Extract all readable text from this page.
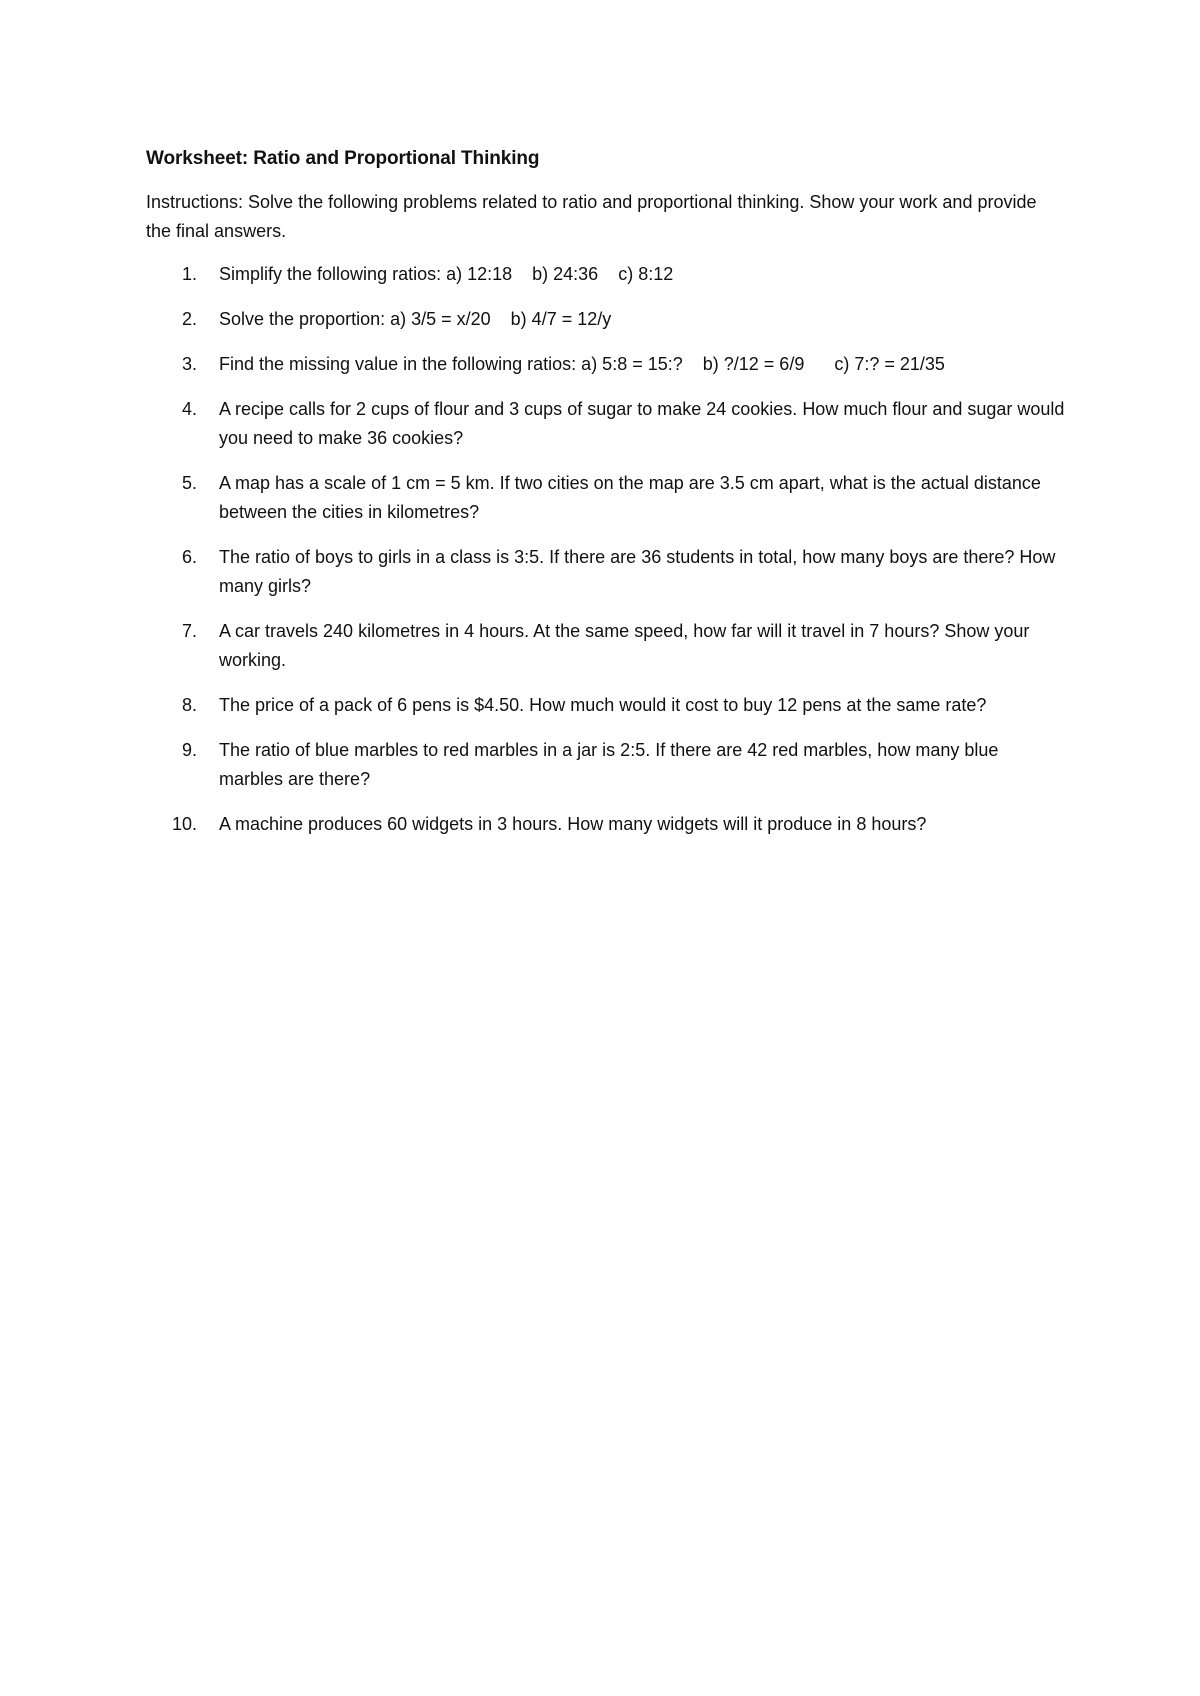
Worksheet: Ratio and Proportional Thinking

Instructions: Solve the following problems related to ratio and proportional thinking. Show your work and provide the final answers.

1. Simplify the following ratios: a) 12:18    b) 24:36    c) 8:12
2. Solve the proportion: a) 3/5 = x/20    b) 4/7 = 12/y
3. Find the missing value in the following ratios: a) 5:8 = 15:?    b) ?/12 = 6/9      c) 7:? = 21/35
4. A recipe calls for 2 cups of flour and 3 cups of sugar to make 24 cookies. How much flour and sugar would you need to make 36 cookies?
5. A map has a scale of 1 cm = 5 km. If two cities on the map are 3.5 cm apart, what is the actual distance between the cities in kilometres?
6. The ratio of boys to girls in a class is 3:5. If there are 36 students in total, how many boys are there? How many girls?
7. A car travels 240 kilometres in 4 hours. At the same speed, how far will it travel in 7 hours? Show your working.
8. The price of a pack of 6 pens is $4.50. How much would it cost to buy 12 pens at the same rate?
9. The ratio of blue marbles to red marbles in a jar is 2:5. If there are 42 red marbles, how many blue marbles are there?
10. A machine produces 60 widgets in 3 hours. How many widgets will it produce in 8 hours?
